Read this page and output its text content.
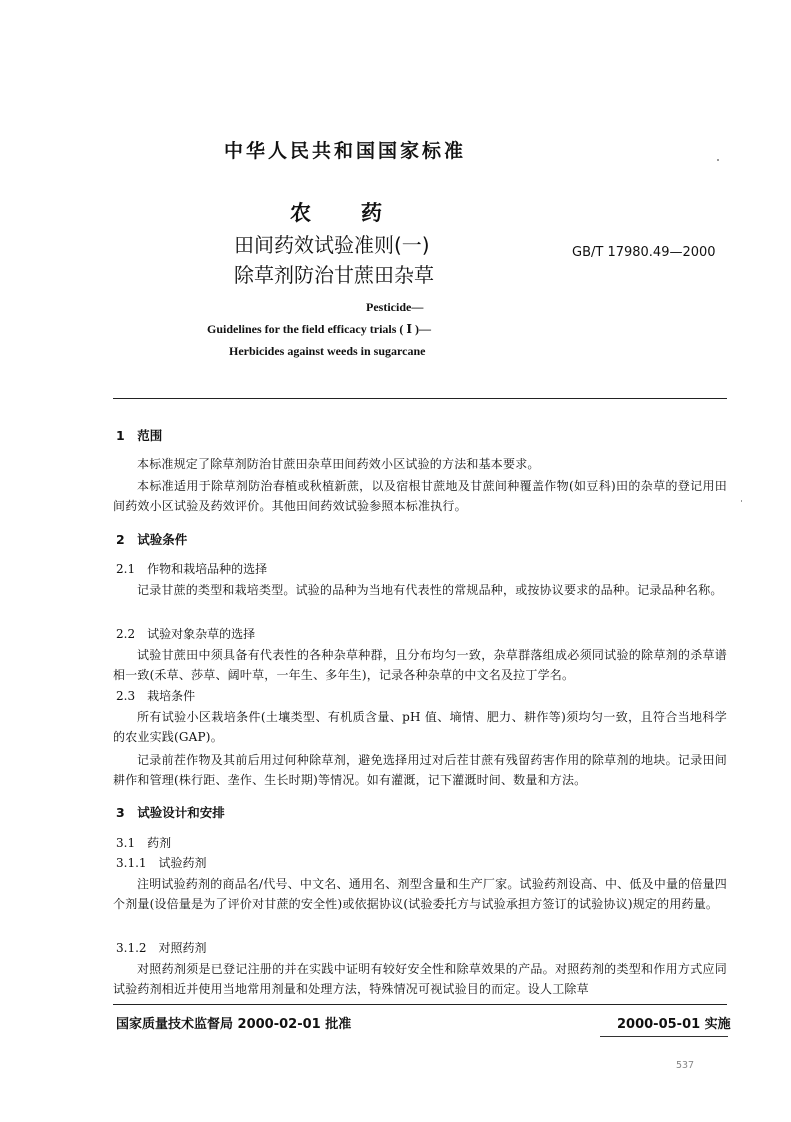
中华人民共和国国家标准
农 药
田间药效试验准则(一)
除草剂防治甘蔗田杂草
GB/T 17980.49—2000
Pesticide—
Guidelines for the field efficacy trials ( Ⅰ )—
Herbicides against weeds in sugarcane
1　范围
本标准规定了除草剂防治甘蔗田杂草田间药效小区试验的方法和基本要求。
本标准适用于除草剂防治春植或秋植新蔗，以及宿根甘蔗地及甘蔗间种覆盖作物(如豆科)田的杂草的登记用田间药效小区试验及药效评价。其他田间药效试验参照本标准执行。
2　试验条件
2.1　作物和栽培品种的选择
记录甘蔗的类型和栽培类型。试验的品种为当地有代表性的常规品种，或按协议要求的品种。记录品种名称。
2.2　试验对象杂草的选择
试验甘蔗田中须具备有代表性的各种杂草种群，且分布均匀一致，杂草群落组成必须同试验的除草剂的杀草谱相一致(禾草、莎草、阔叶草，一年生、多年生)，记录各种杂草的中文名及拉丁学名。
2.3　栽培条件
所有试验小区栽培条件(土壤类型、有机质含量、pH 值、墒情、肥力、耕作等)须均匀一致，且符合当地科学的农业实践(GAP)。
记录前茬作物及其前后用过何种除草剂，避免选择用过对后茬甘蔗有残留药害作用的除草剂的地块。记录田间耕作和管理(株行距、垄作、生长时期)等情况。如有灌溉，记下灌溉时间、数量和方法。
3　试验设计和安排
3.1　药剂
3.1.1　试验药剂
注明试验药剂的商品名/代号、中文名、通用名、剂型含量和生产厂家。试验药剂设高、中、低及中量的倍量四个剂量(设倍量是为了评价对甘蔗的安全性)或依据协议(试验委托方与试验承担方签订的试验协议)规定的用药量。
3.1.2　对照药剂
对照药剂须是已登记注册的并在实践中证明有较好安全性和除草效果的产品。对照药剂的类型和作用方式应同试验药剂相近并使用当地常用剂量和处理方法，特殊情况可视试验目的而定。设人工除草
国家质量技术监督局 2000-02-01 批准	2000-05-01 实施
537
